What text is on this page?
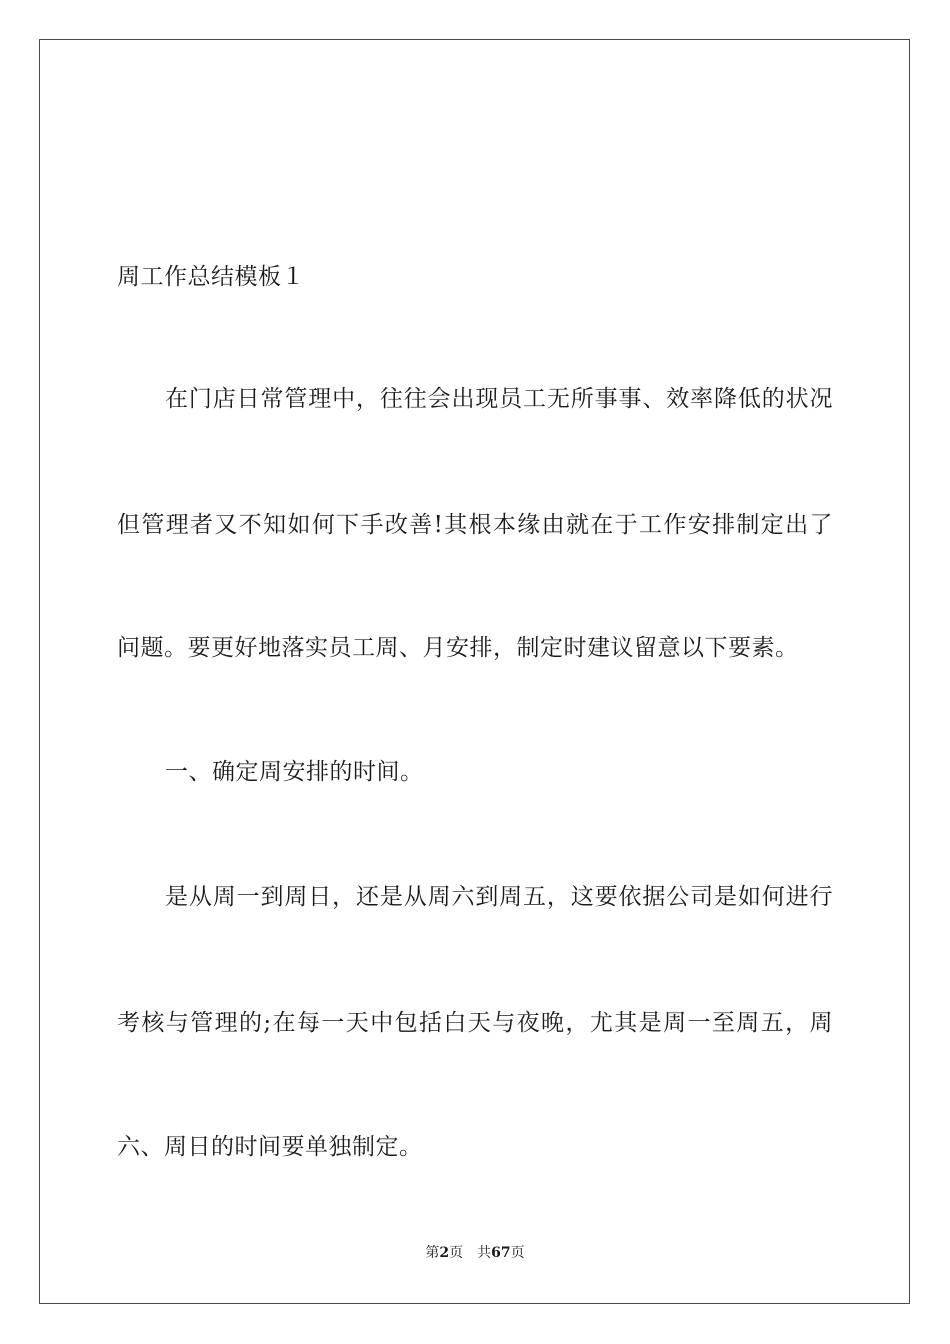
周工作总结模板１
在门店日常管理中，往往会出现员工无所事事、效率降低的状况
但管理者又不知如何下手改善!其根本缘由就在于工作安排制定出了
问题。要更好地落实员工周、月安排，制定时建议留意以下要素。
一、确定周安排的时间。
是从周一到周日，还是从周六到周五，这要依据公司是如何进行
考核与管理的;在每一天中包括白天与夜晚，尤其是周一至周五，周
六、周日的时间要单独制定。
第2页 共67页
